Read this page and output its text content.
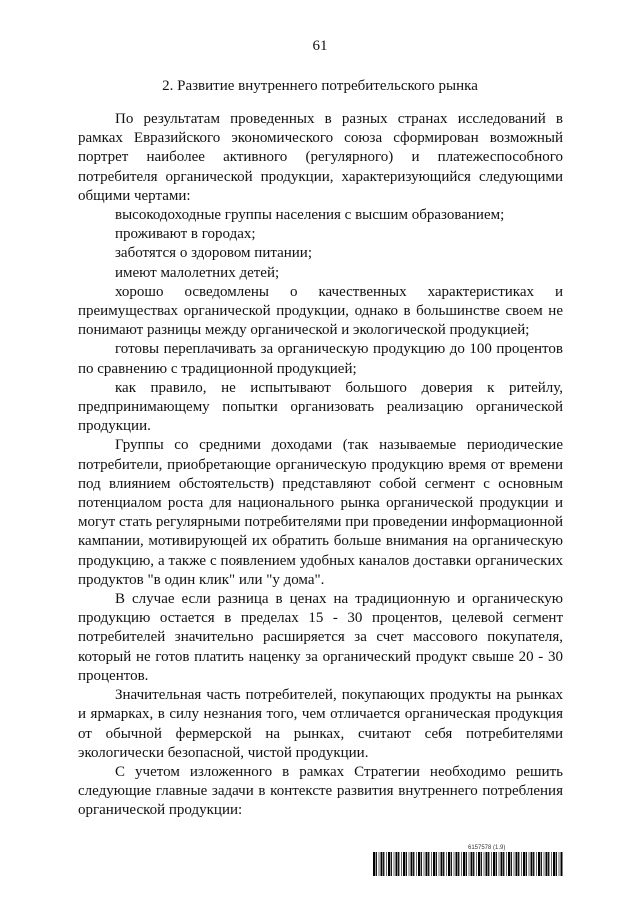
61
2. Развитие внутреннего потребительского рынка

По результатам проведенных в разных странах исследований в рамках Евразийского экономического союза сформирован возможный портрет наиболее активного (регулярного) и платежеспособного потребителя органической продукции, характеризующийся следующими общими чертами:

высокодоходные группы населения с высшим образованием;

проживают в городах;

заботятся о здоровом питании;

имеют малолетних детей;

хорошо осведомлены о качественных характеристиках и преимуществах органической продукции, однако в большинстве своем не понимают разницы между органической и экологической продукцией;

готовы переплачивать за органическую продукцию до 100 процентов по сравнению с традиционной продукцией;

как правило, не испытывают большого доверия к ритейлу, предпринимающему попытки организовать реализацию органической продукции.

Группы со средними доходами (так называемые периодические потребители, приобретающие органическую продукцию время от времени под влиянием обстоятельств) представляют собой сегмент с основным потенциалом роста для национального рынка органической продукции и могут стать регулярными потребителями при проведении информационной кампании, мотивирующей их обратить больше внимания на органическую продукцию, а также с появлением удобных каналов доставки органических продуктов "в один клик" или "у дома".

В случае если разница в ценах на традиционную и органическую продукцию остается в пределах 15 - 30 процентов, целевой сегмент потребителей значительно расширяется за счет массового покупателя, который не готов платить наценку за органический продукт свыше 20 - 30 процентов.

Значительная часть потребителей, покупающих продукты на рынках и ярмарках, в силу незнания того, чем отличается органическая продукция от обычной фермерской на рынках, считают себя потребителями экологически безопасной, чистой продукции.

С учетом изложенного в рамках Стратегии необходимо решить следующие главные задачи в контексте развития внутреннего потребления органической продукции:

6157578 (1.9)
